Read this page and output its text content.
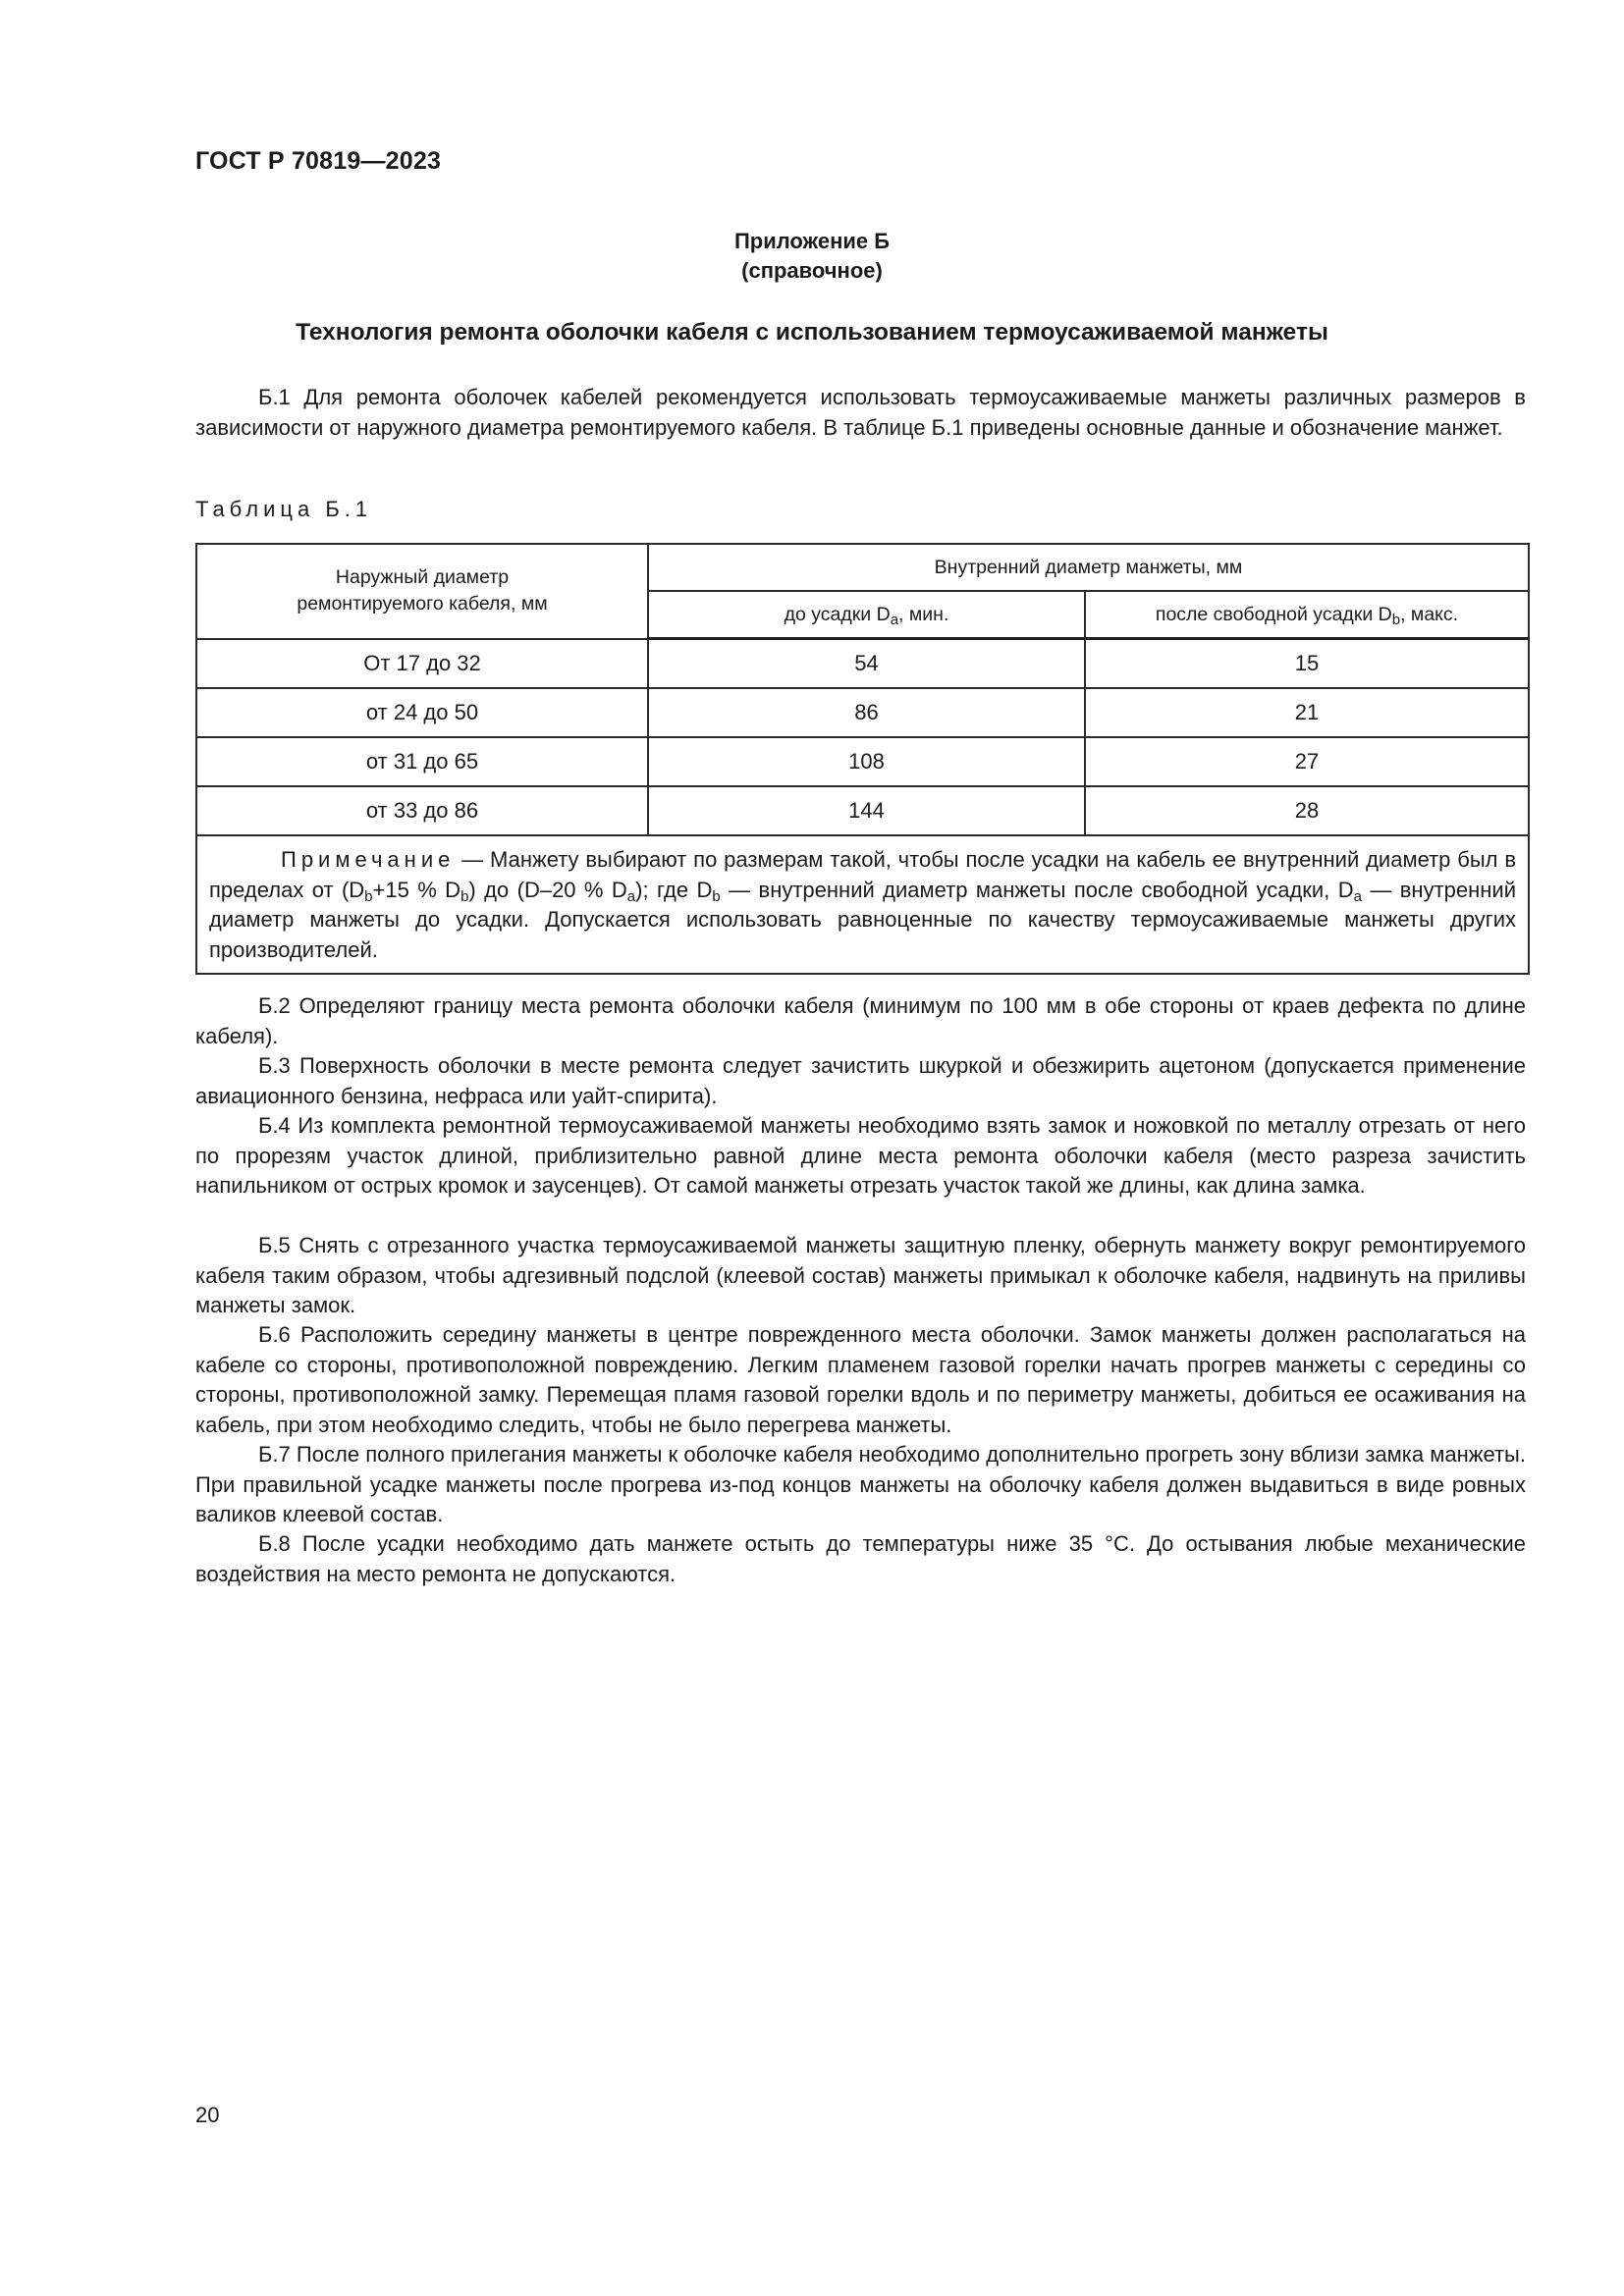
ГОСТ Р 70819—2023
Приложение Б
(справочное)
Технология ремонта оболочки кабеля с использованием термоусаживаемой манжеты

Б.1 Для ремонта оболочек кабелей рекомендуется использовать термоусаживаемые манжеты различных размеров в зависимости от наружного диаметра ремонтируемого кабеля. В таблице Б.1 приведены основные данные и обозначение манжет.

Таблица Б.1
Наружный диаметр ремонтируемого кабеля, мм	Внутренний диаметр манжеты, мм	
	до усадки $D_a$, мин.	после свободной усадки $D_b$, макс.
От 17 до 32	54	15
от 24 до 50	86	21
от 31 до 65	108	27
от 33 до 86	144	28
Примечание — Манжету выбирают по размерам такой, чтобы после усадки на кабель ее внутренний диаметр был в пределах от ($D_b+15$ % $D_b$) до (D–20 % $D_a$); где $D_b$ — внутренний диаметр манжеты после свободной усадки, $D_a$ — внутренний диаметр манжеты до усадки. Допускается использовать равноценные по качеству термоусаживаемые манжеты других производителей.		

Б.2 Определяют границу места ремонта оболочки кабеля (минимум по 100 мм в обе стороны от краев дефекта по длине кабеля).

Б.3 Поверхность оболочки в месте ремонта следует зачистить шкуркой и обезжирить ацетоном (допускается применение авиационного бензина, нефраса или уайт-спирита).

Б.4 Из комплекта ремонтной термоусаживаемой манжеты необходимо взять замок и ножовкой по металлу отрезать от него по прорезям участок длиной, приблизительно равной длине места ремонта оболочки кабеля (место разреза зачистить напильником от острых кромок и заусенцев). От самой манжеты отрезать участок такой же длины, как длина замка.

Б.5 Снять с отрезанного участка термоусаживаемой манжеты защитную пленку, обернуть манжету вокруг ремонтируемого кабеля таким образом, чтобы адгезивный подслой (клеевой состав) манжеты примыкал к оболочке кабеля, надвинуть на приливы манжеты замок.

Б.6 Расположить середину манжеты в центре поврежденного места оболочки. Замок манжеты должен располагаться на кабеле со стороны, противоположной повреждению. Легким пламенем газовой горелки начать прогрев манжеты с середины со стороны, противоположной замку. Перемещая пламя газовой горелки вдоль и по периметру манжеты, добиться ее осаживания на кабель, при этом необходимо следить, чтобы не было перегрева манжеты.

Б.7 После полного прилегания манжеты к оболочке кабеля необходимо дополнительно прогреть зону вблизи замка манжеты. При правильной усадке манжеты после прогрева из-под концов манжеты на оболочку кабеля должен выдавиться в виде ровных валиков клеевой состав.

Б.8 После усадки необходимо дать манжете остыть до температуры ниже 35 °С. До остывания любые механические воздействия на место ремонта не допускаются.

20
